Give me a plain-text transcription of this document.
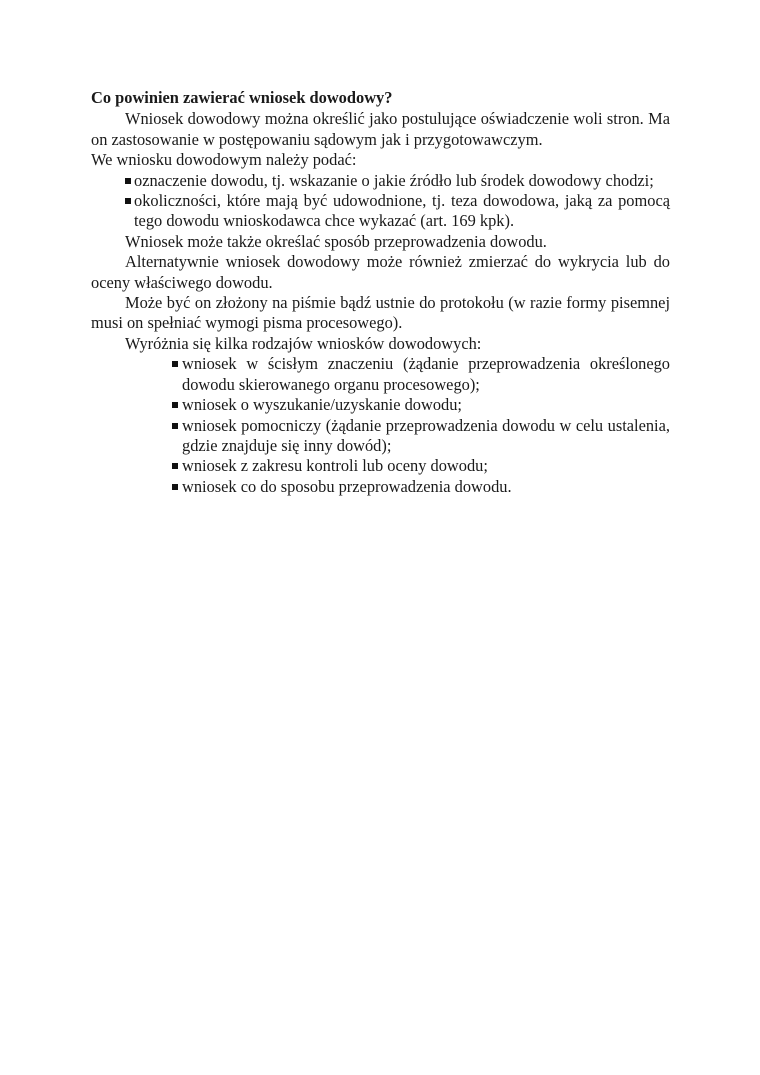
Co powinien zawierać wniosek dowodowy?

Wniosek dowodowy można określić jako postulujące oświadczenie woli stron. Ma on zastosowanie w postępowaniu sądowym jak i przygotowawczym.

We wniosku dowodowym należy podać:

oznaczenie dowodu, tj. wskazanie o jakie źródło lub środek dowodowy chodzi;
okoliczności, które mają być udowodnione, tj. teza dowodowa, jaką za pomocą tego dowodu wnioskodawca chce wykazać (art. 169 kpk).

Wniosek może także określać sposób przeprowadzenia dowodu.

Alternatywnie wniosek dowodowy może również zmierzać do wykrycia lub do oceny właściwego dowodu.

Może być on złożony na piśmie bądź ustnie do protokołu (w razie formy pisemnej musi on spełniać wymogi pisma procesowego).

Wyróżnia się kilka rodzajów wniosków dowodowych:

wniosek w ścisłym znaczeniu (żądanie przeprowadzenia określonego dowodu skierowanego organu procesowego);
wniosek o wyszukanie/uzyskanie dowodu;
wniosek pomocniczy (żądanie przeprowadzenia dowodu w celu ustalenia, gdzie znajduje się inny dowód);
wniosek z zakresu kontroli lub oceny dowodu;
wniosek co do sposobu przeprowadzenia dowodu.
